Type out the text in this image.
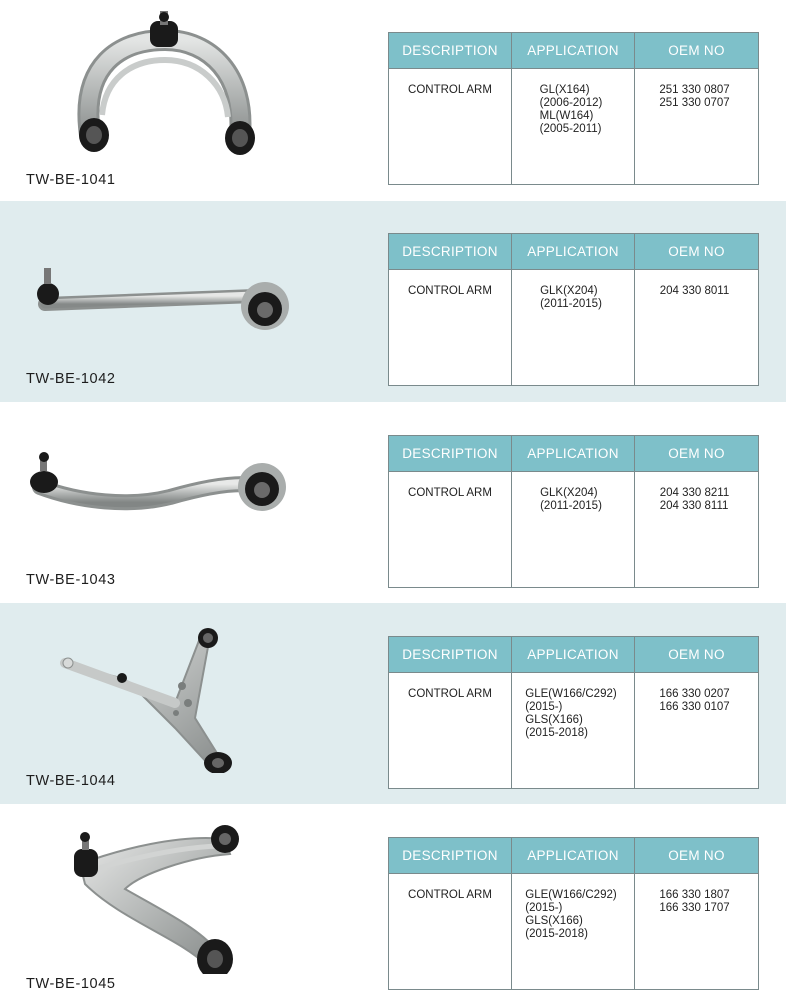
TW-BE-1041
DESCRIPTION	APPLICATION	OEM NO
CONTROL ARM	GL(X164)
(2006-2012)
ML(W164)
(2005-2011)	251 330 0807
251 330 0707
TW-BE-1042
DESCRIPTION	APPLICATION	OEM NO
CONTROL ARM	GLK(X204)
(2011-2015)	204 330 8011
TW-BE-1043
DESCRIPTION	APPLICATION	OEM NO
CONTROL ARM	GLK(X204)
(2011-2015)	204 330 8211
204 330 8111
TW-BE-1044
DESCRIPTION	APPLICATION	OEM NO
CONTROL ARM	GLE(W166/C292)
(2015-)
GLS(X166)
(2015-2018)	166 330 0207
166 330 0107
TW-BE-1045
DESCRIPTION	APPLICATION	OEM NO
CONTROL ARM	GLE(W166/C292)
(2015-)
GLS(X166)
(2015-2018)	166 330 1807
166 330 1707
